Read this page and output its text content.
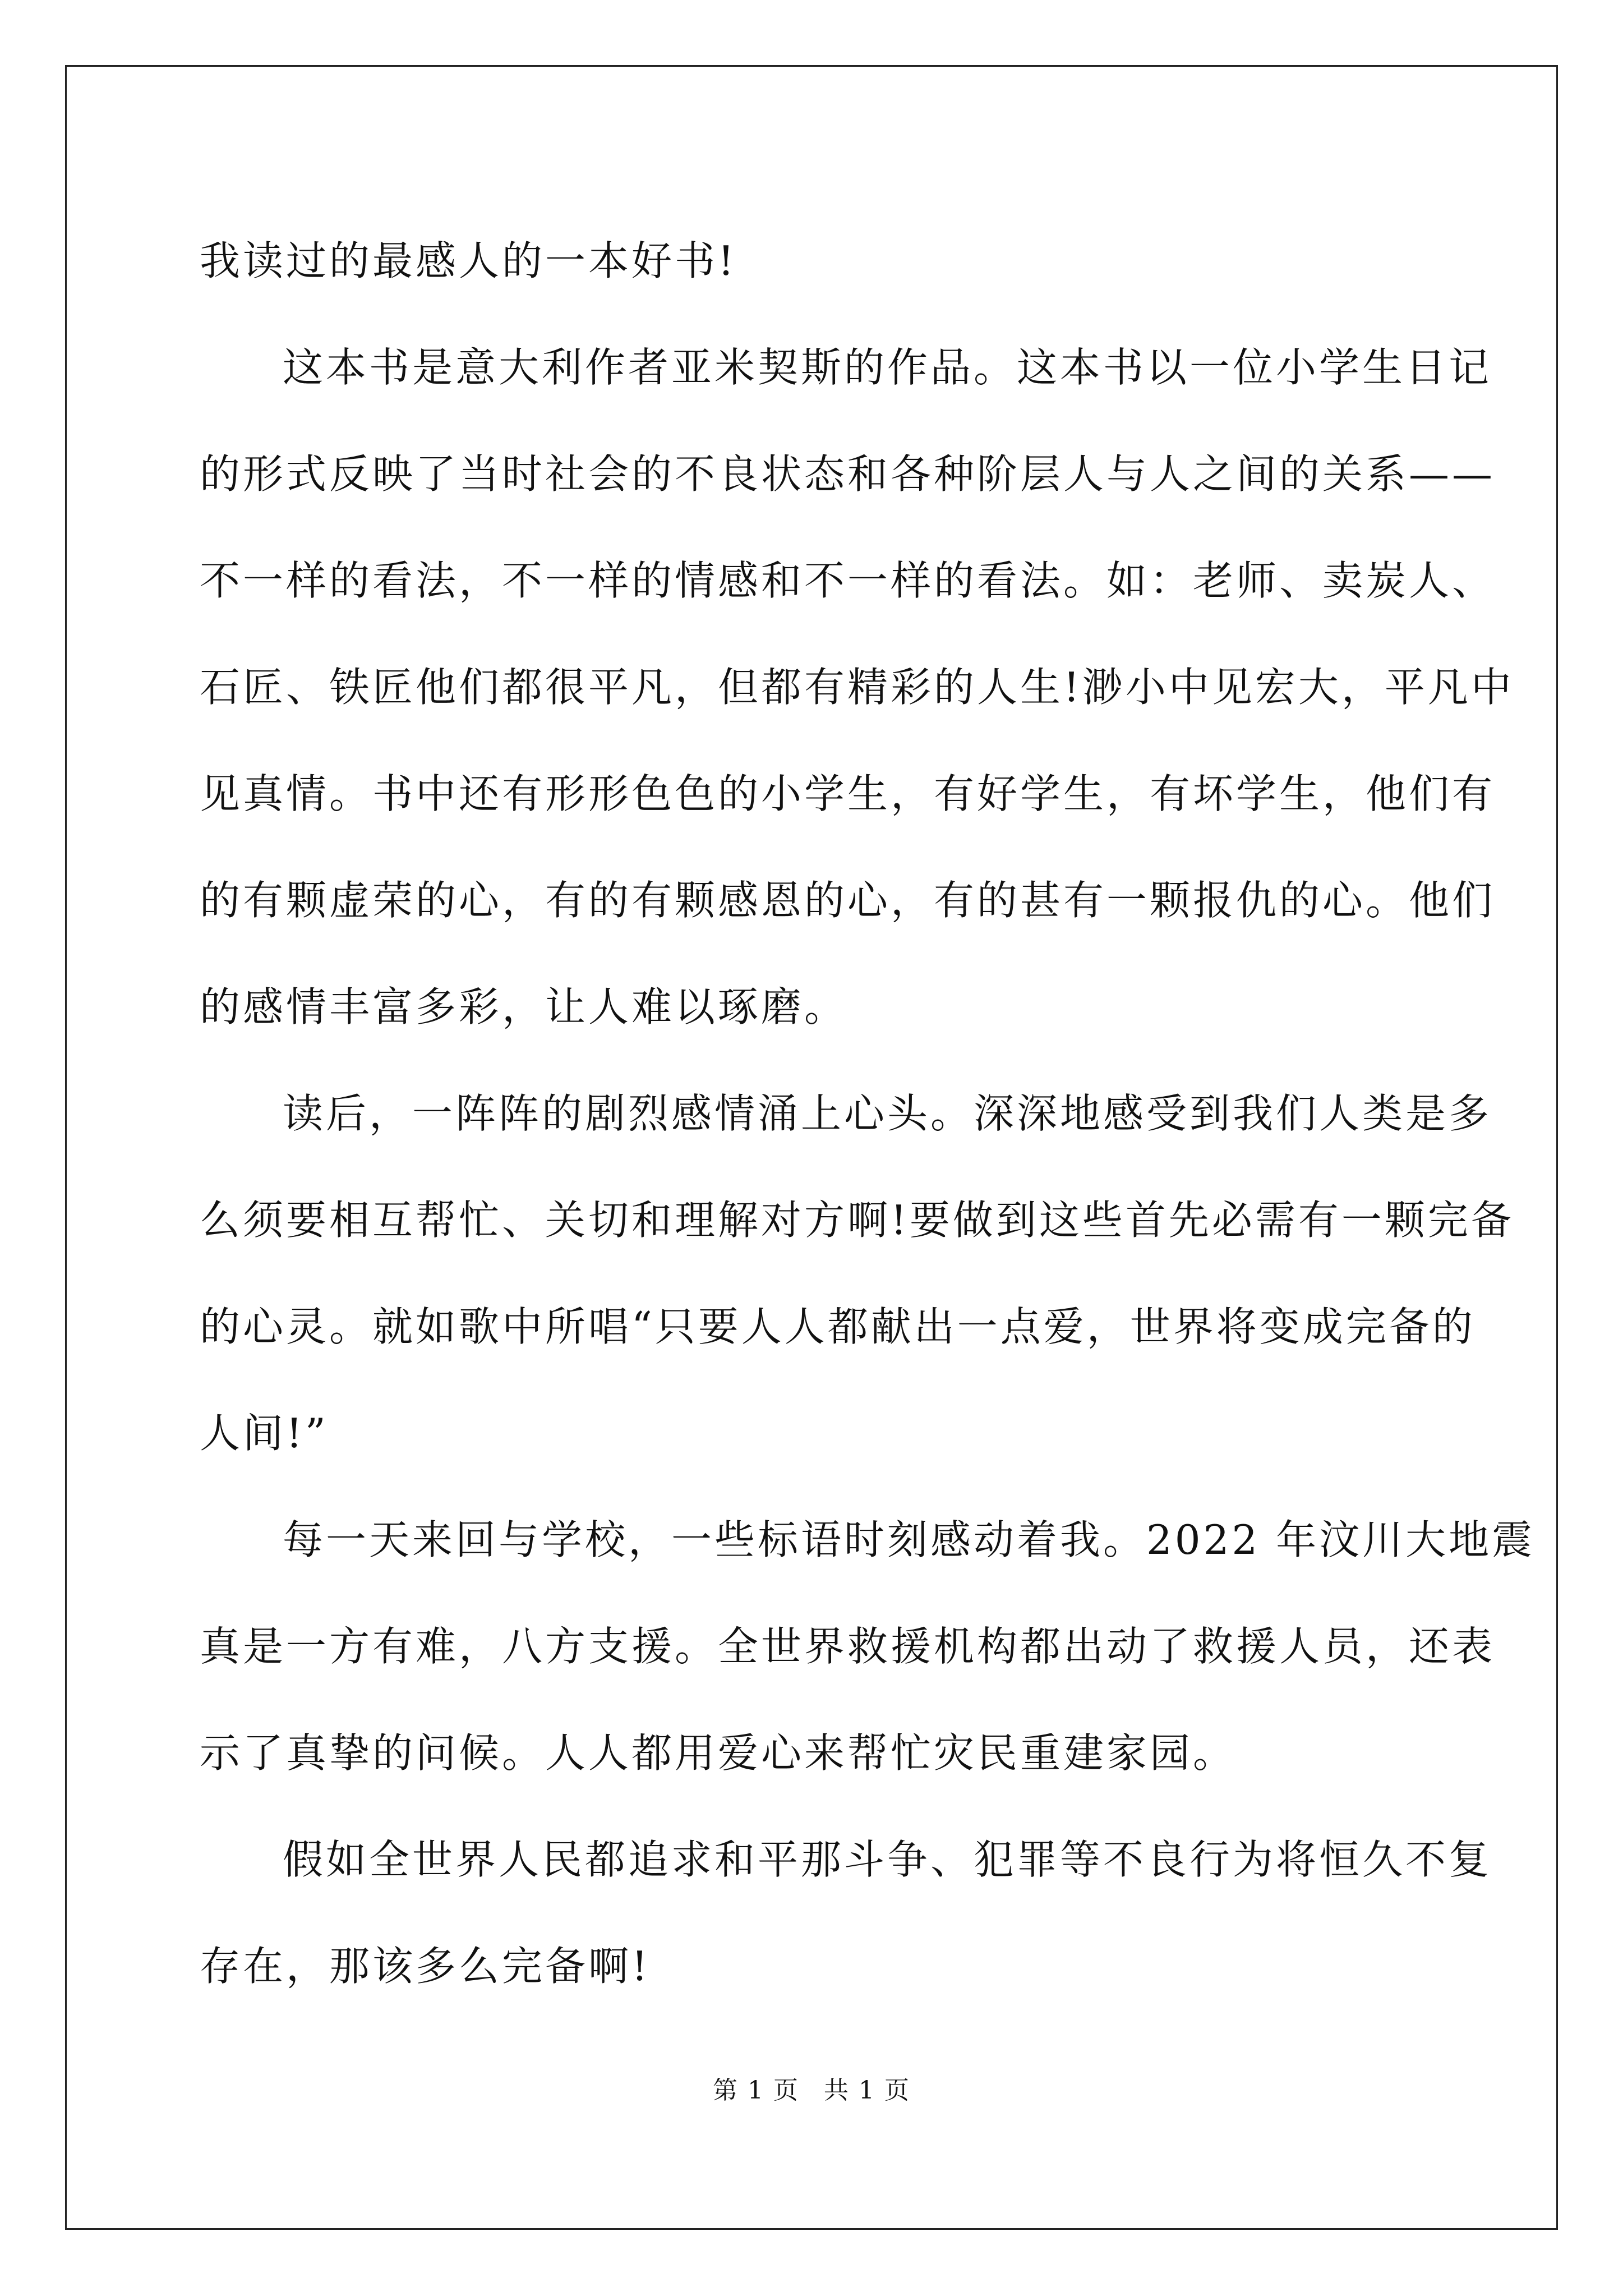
我读过的最感人的一本好书!
这本书是意大利作者亚米契斯的作品。这本书以一位小学生日记
的形式反映了当时社会的不良状态和各种阶层人与人之间的关系——
不一样的看法，不一样的情感和不一样的看法。如：老师、卖炭人、
石匠、铁匠他们都很平凡，但都有精彩的人生!渺小中见宏大，平凡中
见真情。书中还有形形色色的小学生，有好学生，有坏学生，他们有
的有颗虚荣的心，有的有颗感恩的心，有的甚有一颗报仇的心。他们
的感情丰富多彩，让人难以琢磨。
读后，一阵阵的剧烈感情涌上心头。深深地感受到我们人类是多
么须要相互帮忙、关切和理解对方啊!要做到这些首先必需有一颗完备
的心灵。就如歌中所唱“只要人人都献出一点爱，世界将变成完备的
人间!”
每一天来回与学校，一些标语时刻感动着我。2022 年汶川大地震
真是一方有难，八方支援。全世界救援机构都出动了救援人员，还表
示了真挚的问候。人人都用爱心来帮忙灾民重建家园。
假如全世界人民都追求和平那斗争、犯罪等不良行为将恒久不复
存在，那该多么完备啊!
第 1 页 共 1 页
